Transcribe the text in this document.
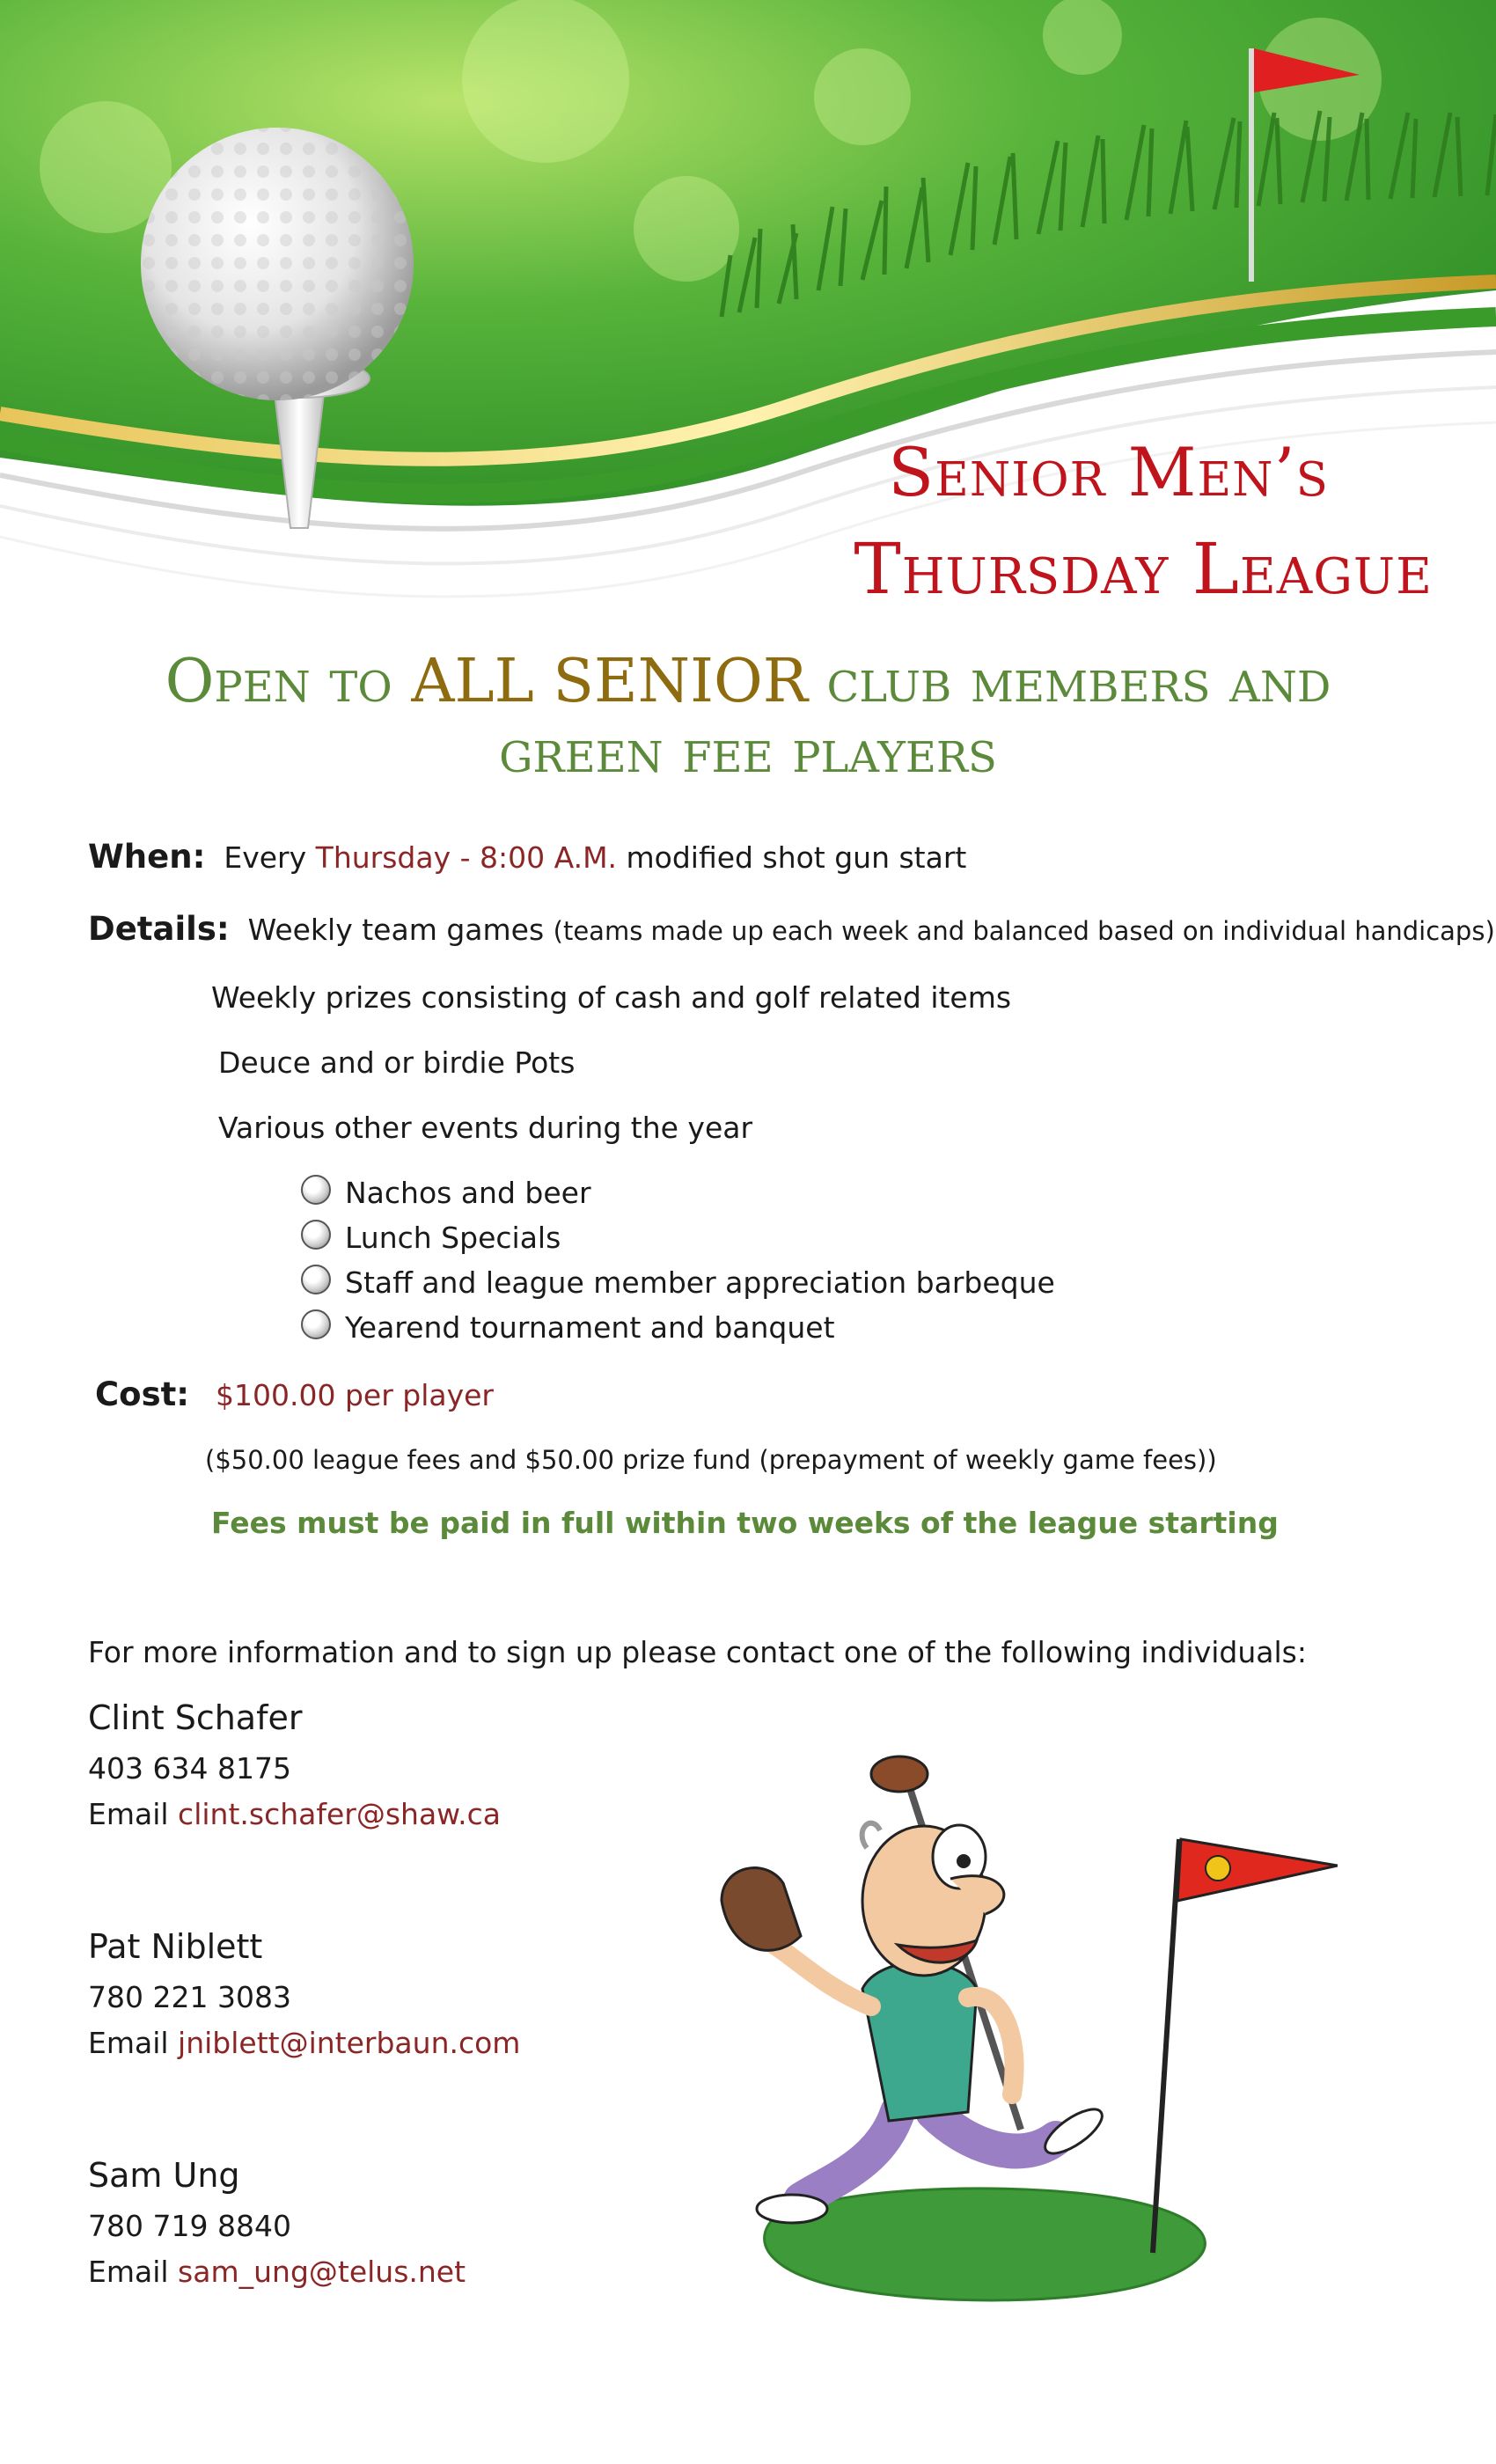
Senior Men’s
Thursday League
Open to ALL SENIOR club members and
green fee players
When: Every Thursday - 8:00 A.M. modified shot gun start
Details: Weekly team games (teams made up each week and balanced based on individual handicaps)
Weekly prizes consisting of cash and golf related items
Deuce and or birdie Pots
Various other events during the year
Nachos and beer
Lunch Specials
Staff and league member appreciation barbeque
Yearend tournament and banquet
Cost: $100.00 per player
($50.00 league fees and $50.00 prize fund (prepayment of weekly game fees))
Fees must be paid in full within two weeks of the league starting
For more information and to sign up please contact one of the following individuals:
Clint Schafer
403 634 8175
Email clint.schafer@shaw.ca
Pat Niblett
780 221 3083
Email jniblett@interbaun.com
Sam Ung
780 719 8840
Email sam_ung@telus.net
